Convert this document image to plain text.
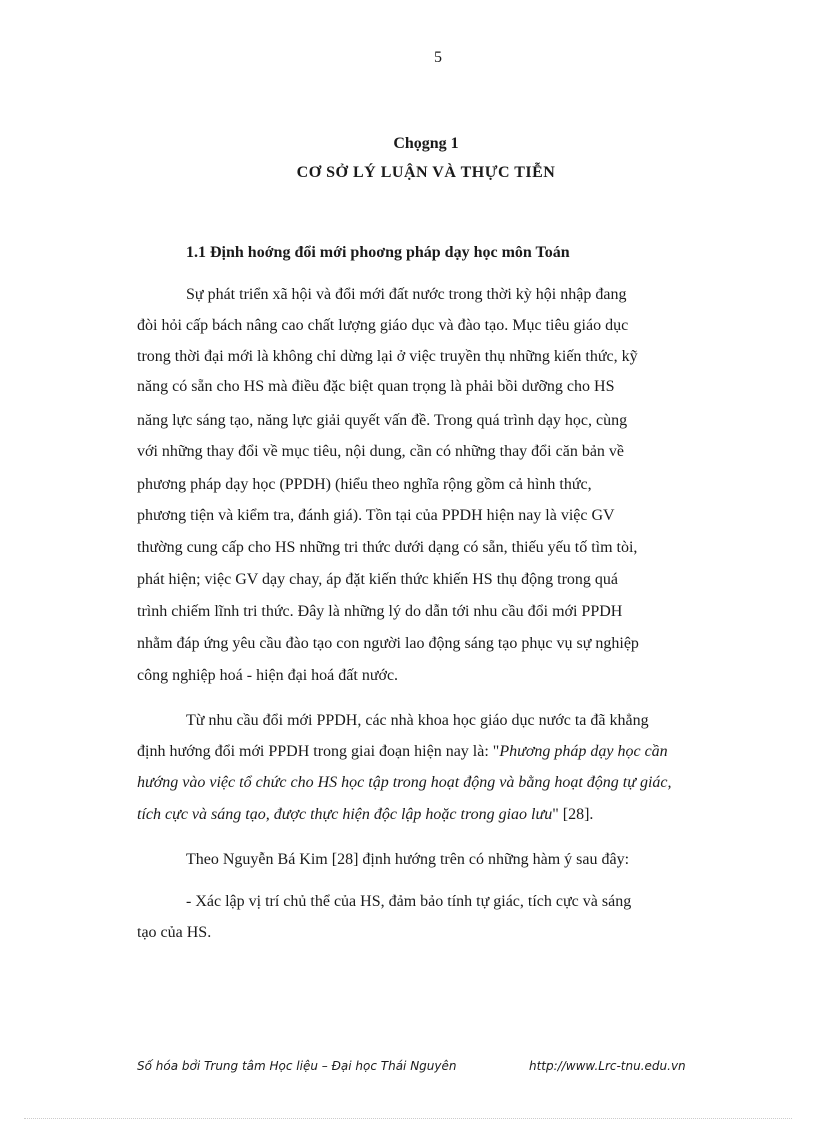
5
Chọgng 1
CƠ SỞ LÝ LUẬN VÀ THỰC TIỄN
1.1 Định hoớng đổi mới phoơng pháp dạy học môn Toán
Sự phát triển xã hội và đổi mới đất nước trong thời kỳ hội nhập đang
đòi hỏi cấp bách nâng cao chất lượng giáo dục và đào tạo. Mục tiêu giáo dục
trong thời đại mới là không chỉ dừng lại ở việc truyền thụ những kiến thức, kỹ
năng có sẵn cho HS mà điều đặc biệt quan trọng là phải bồi dưỡng cho HS
năng lực sáng tạo, năng lực giải quyết vấn đề. Trong quá trình dạy học, cùng
với những thay đổi về mục tiêu, nội dung, cần có những thay đổi căn bản về
phương pháp dạy học (PPDH) (hiểu theo nghĩa rộng gồm cả hình thức,
phương tiện và kiểm tra, đánh giá). Tồn tại của PPDH hiện nay là việc GV
thường cung cấp cho HS những tri thức dưới dạng có sẵn, thiếu yếu tố tìm tòi,
phát hiện; việc GV dạy chay, áp đặt kiến thức khiến HS thụ động trong quá
trình chiếm lĩnh tri thức. Đây là những lý do dẫn tới nhu cầu đổi mới PPDH
nhằm đáp ứng yêu cầu đào tạo con người lao động sáng tạo phục vụ sự nghiệp
công nghiệp hoá - hiện đại hoá đất nước.
Từ nhu cầu đổi mới PPDH, các nhà khoa học giáo dục nước ta đã khẳng
định hướng đổi mới PPDH trong giai đoạn hiện nay là: "Phương pháp dạy học cần
hướng vào việc tổ chức cho HS học tập trong hoạt động và bằng hoạt động tự giác,
tích cực và sáng tạo, được thực hiện độc lập hoặc trong giao lưu" [28].
Theo Nguyễn Bá Kim [28] định hướng trên có những hàm ý sau đây:
- Xác lập vị trí chủ thể của HS, đảm bảo tính tự giác, tích cực và sáng
tạo của HS.
Số hóa bởi Trung tâm Học liệu – Đại học Thái Nguyên	http://www.Lrc-tnu.edu.vn
